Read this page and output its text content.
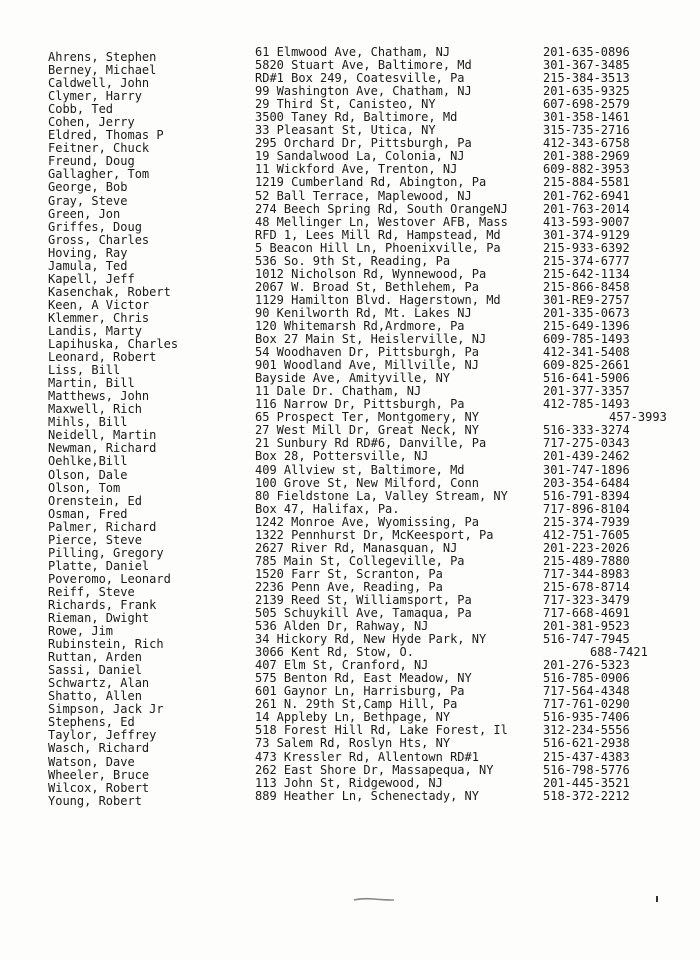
Ahrens, Stephen	61 Elmwood Ave, Chatham, NJ	201-635-0896
Berney, Michael	5820 Stuart Ave, Baltimore, Md	301-367-3485
Caldwell, John	RD#1 Box 249, Coatesville, Pa	215-384-3513
Clymer, Harry	99 Washington Ave, Chatham, NJ	201-635-9325
Cobb, Ted	29 Third St, Canisteo, NY	607-698-2579
Cohen, Jerry	3500 Taney Rd, Baltimore, Md	301-358-1461
Eldred, Thomas P	33 Pleasant St, Utica, NY	315-735-2716
Feitner, Chuck	295 Orchard Dr, Pittsburgh, Pa	412-343-6758
Freund, Doug	19 Sandalwood La, Colonia, NJ	201-388-2969
Gallagher, Tom	11 Wickford Ave, Trenton, NJ	609-882-3953
George, Bob	1219 Cumberland Rd, Abington, Pa	215-884-5581
Gray, Steve	52 Ball Terrace, Maplewood, NJ	201-762-6941
Green, Jon	274 Beech Spring Rd, South OrangeNJ	201-763-2014
Griffes, Doug	48 Mellinger Ln, Westover AFB, Mass	413-593-9007
Gross, Charles	RFD 1, Lees Mill Rd, Hampstead, Md	301-374-9129
Hoving, Ray	5 Beacon Hill Ln, Phoenixville, Pa	215-933-6392
Jamula, Ted	536 So. 9th St, Reading, Pa	215-374-6777
Kapell, Jeff	1012 Nicholson Rd, Wynnewood, Pa	215-642-1134
Kasenchak, Robert	2067 W. Broad St, Bethlehem, Pa	215-866-8458
Keen, A Victor	1129 Hamilton Blvd. Hagerstown, Md	301-RE9-2757
Klemmer, Chris	90 Kenilworth Rd, Mt. Lakes NJ	201-335-0673
Landis, Marty	120 Whitemarsh Rd,Ardmore, Pa	215-649-1396
Lapihuska, Charles	Box 27 Main St, Heislerville, NJ	609-785-1493
Leonard, Robert	54 Woodhaven Dr, Pittsburgh, Pa	412-341-5408
Liss, Bill	901 Woodland Ave, Millville, NJ	609-825-2661
Martin, Bill	Bayside Ave, Amityville, NY	516-641-5906
Matthews, John	11 Dale Dr. Chatham, NJ	201-377-3357
Maxwell, Rich	116 Narrow Dr, Pittsburgh, Pa	412-785-1493
Mihls, Bill	65 Prospect Ter, Montgomery, NY	457-3993
Neidell, Martin	27 West Mill Dr, Great Neck, NY	516-333-3274
Newman, Richard	21 Sunbury Rd RD#6, Danville, Pa	717-275-0343
Oehlke,Bill	Box 28, Pottersville, NJ	201-439-2462
Olson, Dale	409 Allview st, Baltimore, Md	301-747-1896
Olson, Tom	100 Grove St, New Milford, Conn	203-354-6484
Orenstein, Ed	80 Fieldstone La, Valley Stream, NY	516-791-8394
Osman, Fred	Box 47, Halifax, Pa.	717-896-8104
Palmer, Richard	1242 Monroe Ave, Wyomissing, Pa	215-374-7939
Pierce, Steve	1322 Pennhurst Dr, McKeesport, Pa	412-751-7605
Pilling, Gregory	2627 River Rd, Manasquan, NJ	201-223-2026
Platte, Daniel	785 Main St, Collegeville, Pa	215-489-7880
Poveromo, Leonard	1520 Farr St, Scranton, Pa	717-344-8983
Reiff, Steve	2236 Penn Ave, Reading, Pa	215-678-8714
Richards, Frank	2139 Reed St, Williamsport, Pa	717-323-3479
Rieman, Dwight	505 Schuykill Ave, Tamaqua, Pa	717-668-4691
Rowe, Jim	536 Alden Dr, Rahway, NJ	201-381-9523
Rubinstein, Rich	34 Hickory Rd, New Hyde Park, NY	516-747-7945
Ruttan, Arden	3066 Kent Rd, Stow, O.	688-7421
Sassi, Daniel	407 Elm St, Cranford, NJ	201-276-5323
Schwartz, Alan	575 Benton Rd, East Meadow, NY	516-785-0906
Shatto, Allen	601 Gaynor Ln, Harrisburg, Pa	717-564-4348
Simpson, Jack Jr	261 N. 29th St,Camp Hill, Pa	717-761-0290
Stephens, Ed	14 Appleby Ln, Bethpage, NY	516-935-7406
Taylor, Jeffrey	518 Forest Hill Rd, Lake Forest, Il	312-234-5556
Wasch, Richard	73 Salem Rd, Roslyn Hts, NY	516-621-2938
Watson, Dave	473 Kressler Rd, Allentown RD#1	215-437-4383
Wheeler, Bruce	262 East Shore Dr, Massapequa, NY	516-798-5776
Wilcox, Robert	113 John St, Ridgewood, NJ	201-445-3521
Young, Robert	889 Heather Ln, Schenectady, NY	518-372-2212
